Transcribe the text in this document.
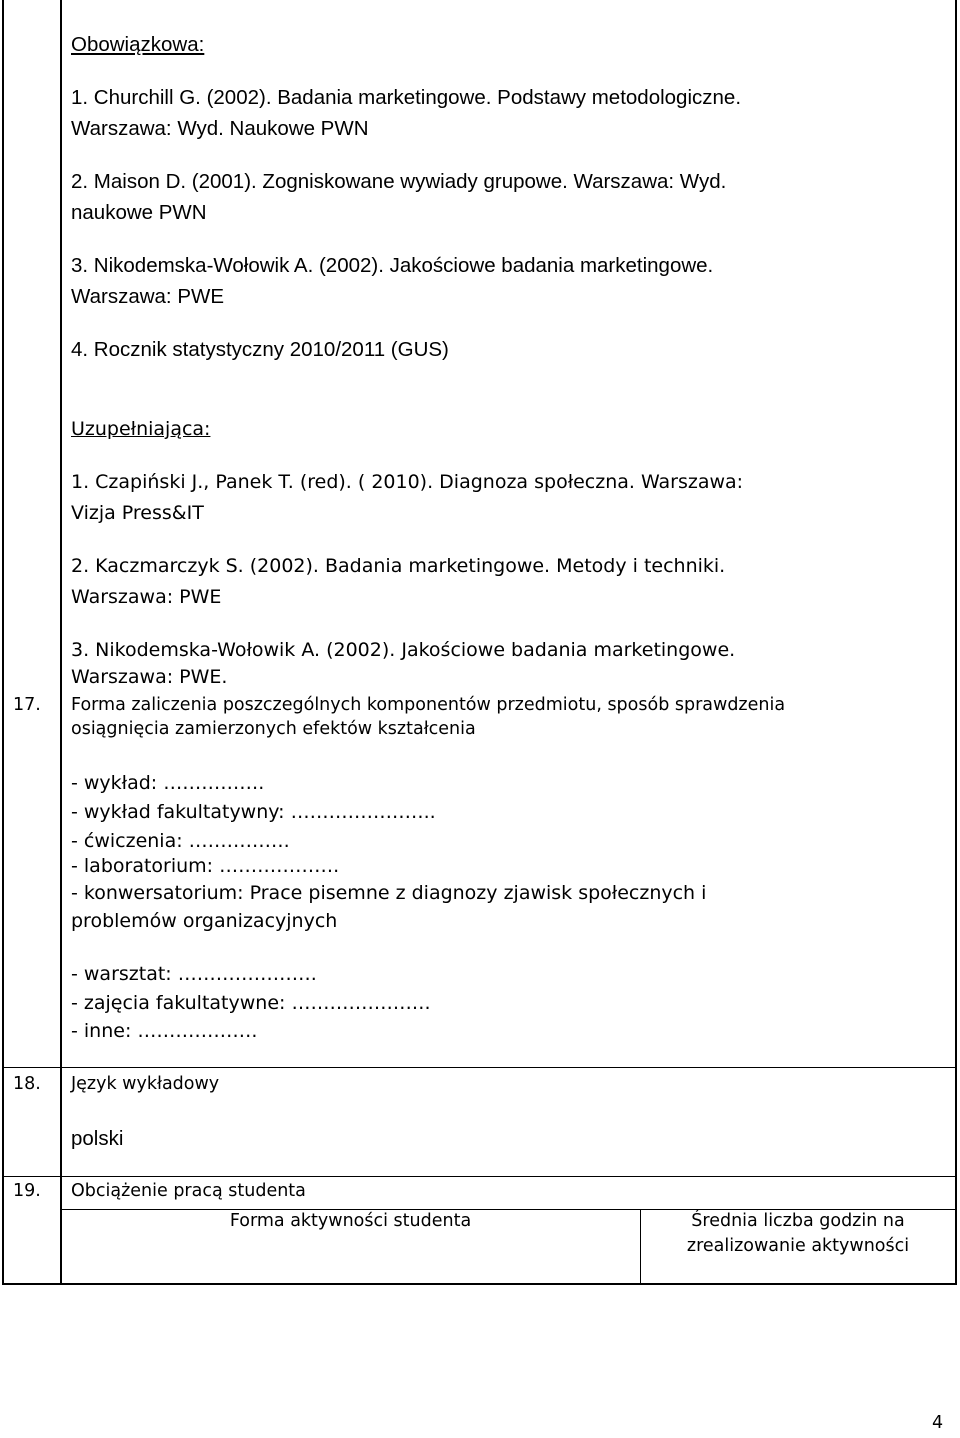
Obowiązkowa:
1. Churchill G. (2002). Badania marketingowe. Podstawy metodologiczne.
Warszawa: Wyd. Naukowe PWN
2. Maison D. (2001). Zogniskowane wywiady grupowe. Warszawa: Wyd.
naukowe PWN
3. Nikodemska-Wołowik A. (2002). Jakościowe badania marketingowe.
Warszawa: PWE
4. Rocznik statystyczny 2010/2011 (GUS)
Uzupełniająca:
1. Czapiński J., Panek T. (red). ( 2010). Diagnoza społeczna. Warszawa:
Vizja Press&IT
2. Kaczmarczyk S. (2002). Badania marketingowe. Metody i techniki.
Warszawa: PWE
3. Nikodemska-Wołowik A. (2002). Jakościowe badania marketingowe.
Warszawa: PWE.
17. Forma zaliczenia poszczególnych komponentów przedmiotu, sposób sprawdzenia
osiągnięcia zamierzonych efektów kształcenia
- wykład: …………….
- wykład fakultatywny: …………………..
- ćwiczenia: …………….
- laboratorium: ……………….
- konwersatorium: Prace pisemne z diagnozy zjawisk społecznych i
problemów organizacyjnych
- warsztat: ………………….
- zajęcia fakultatywne: ………………….
- inne: ……………….
18. Język wykładowy
polski
19. Obciążenie pracą studenta
Forma aktywności studenta	Średnia liczba godzin na
zrealizowanie aktywności
4
